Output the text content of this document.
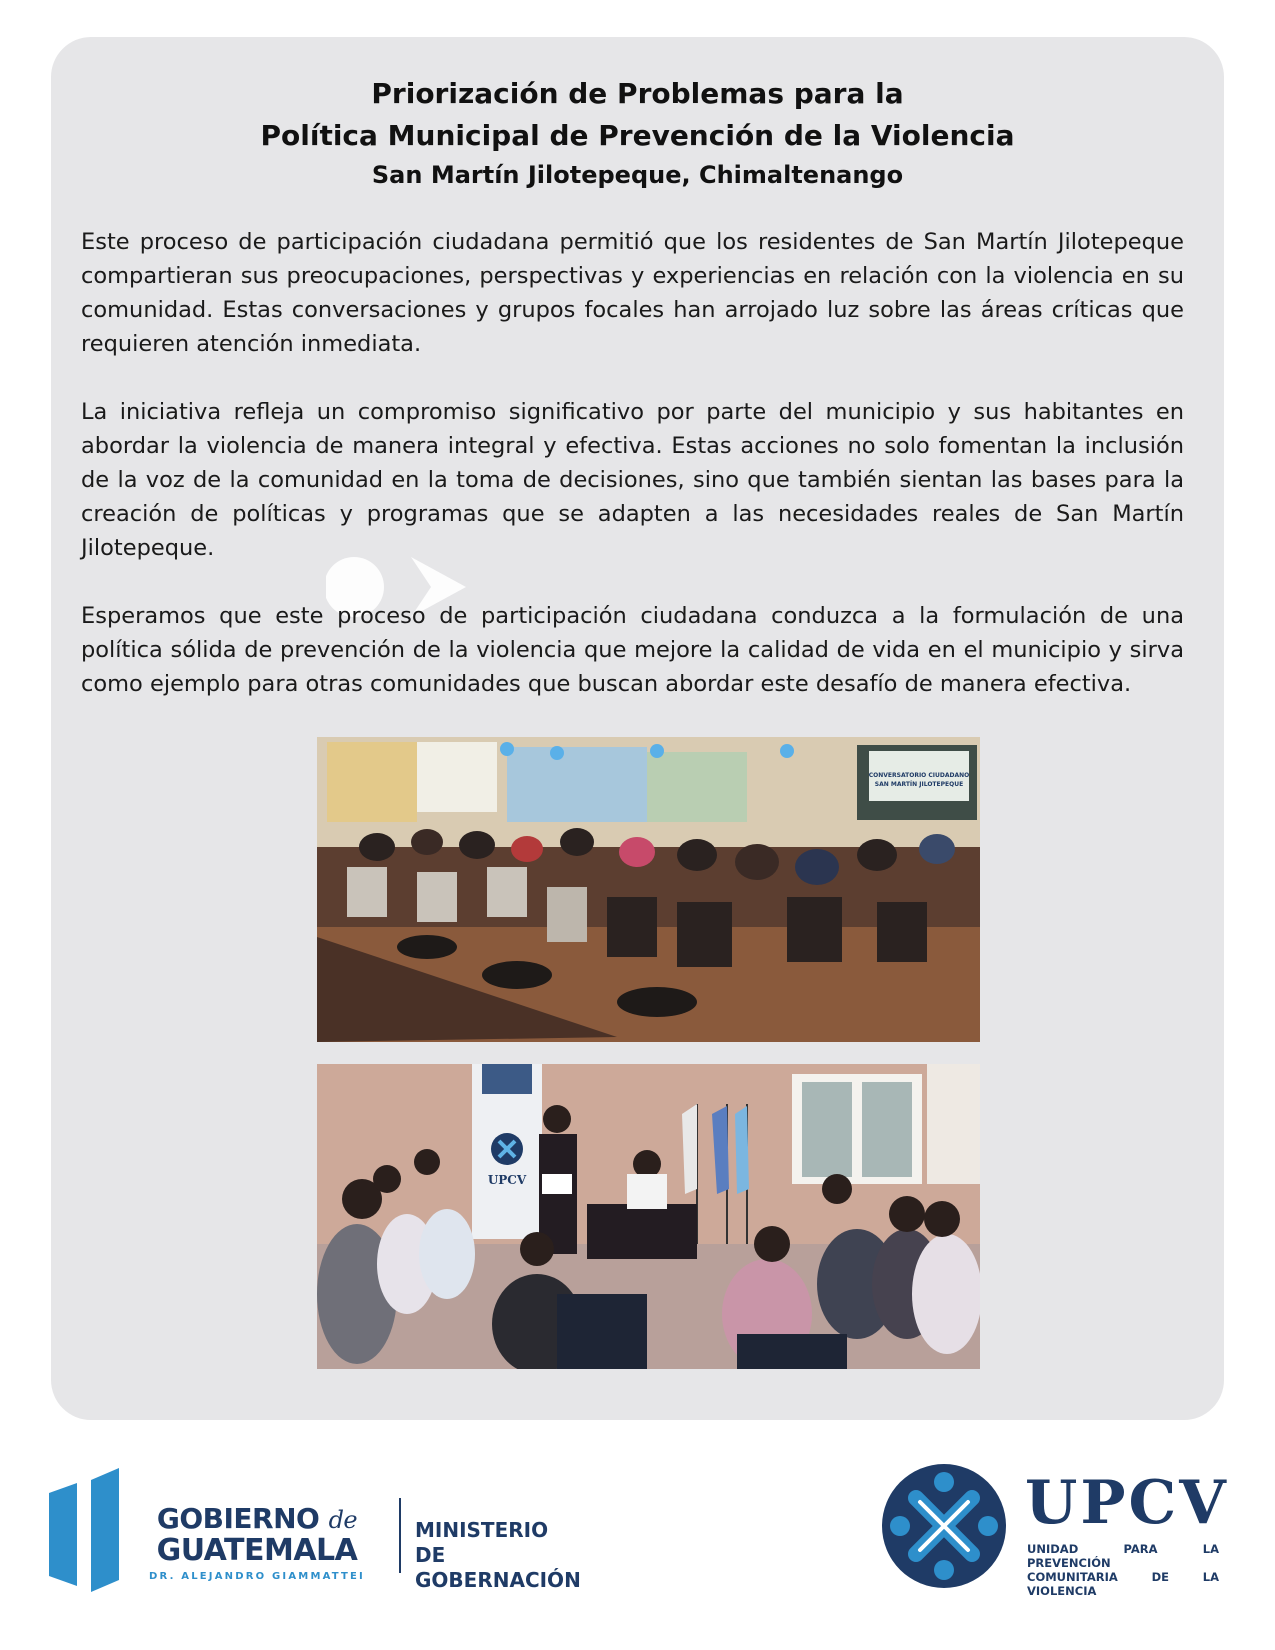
Priorización de Problemas para la
Política Municipal de Prevención de la Violencia
San Martín Jilotepeque, Chimaltenango

Este proceso de participación ciudadana permitió que los residentes de San Martín Jilotepeque compartieran sus preocupaciones, perspectivas y experiencias en relación con la violencia en su comunidad. Estas conversaciones y grupos focales han arrojado luz sobre las áreas críticas que requieren atención inmediata.

La iniciativa refleja un compromiso significativo por parte del municipio y sus habitantes en abordar la violencia de manera integral y efectiva. Estas acciones no solo fomentan la inclusión de la voz de la comunidad en la toma de decisiones, sino que también sientan las bases para la creación de políticas y programas que se adapten a las necesidades reales de San Martín Jilotepeque.

Esperamos que este proceso de participación ciudadana conduzca a la formulación de una política sólida de prevención de la violencia que mejore la calidad de vida en el municipio y sirva como ejemplo para otras comunidades que buscan abordar este desafío de manera efectiva.

CONVERSATORIO CIUDADANO
SAN MARTÍN JILOTEPEQUE
UPCV
GOBIERNO de
GUATEMALA
DR. ALEJANDRO GIAMMATTEI
MINISTERIO DE
GOBERNACIÓN
UPCV
UNIDAD PARA LA PREVENCIÓN
COMUNITARIA DE LA VIOLENCIA
